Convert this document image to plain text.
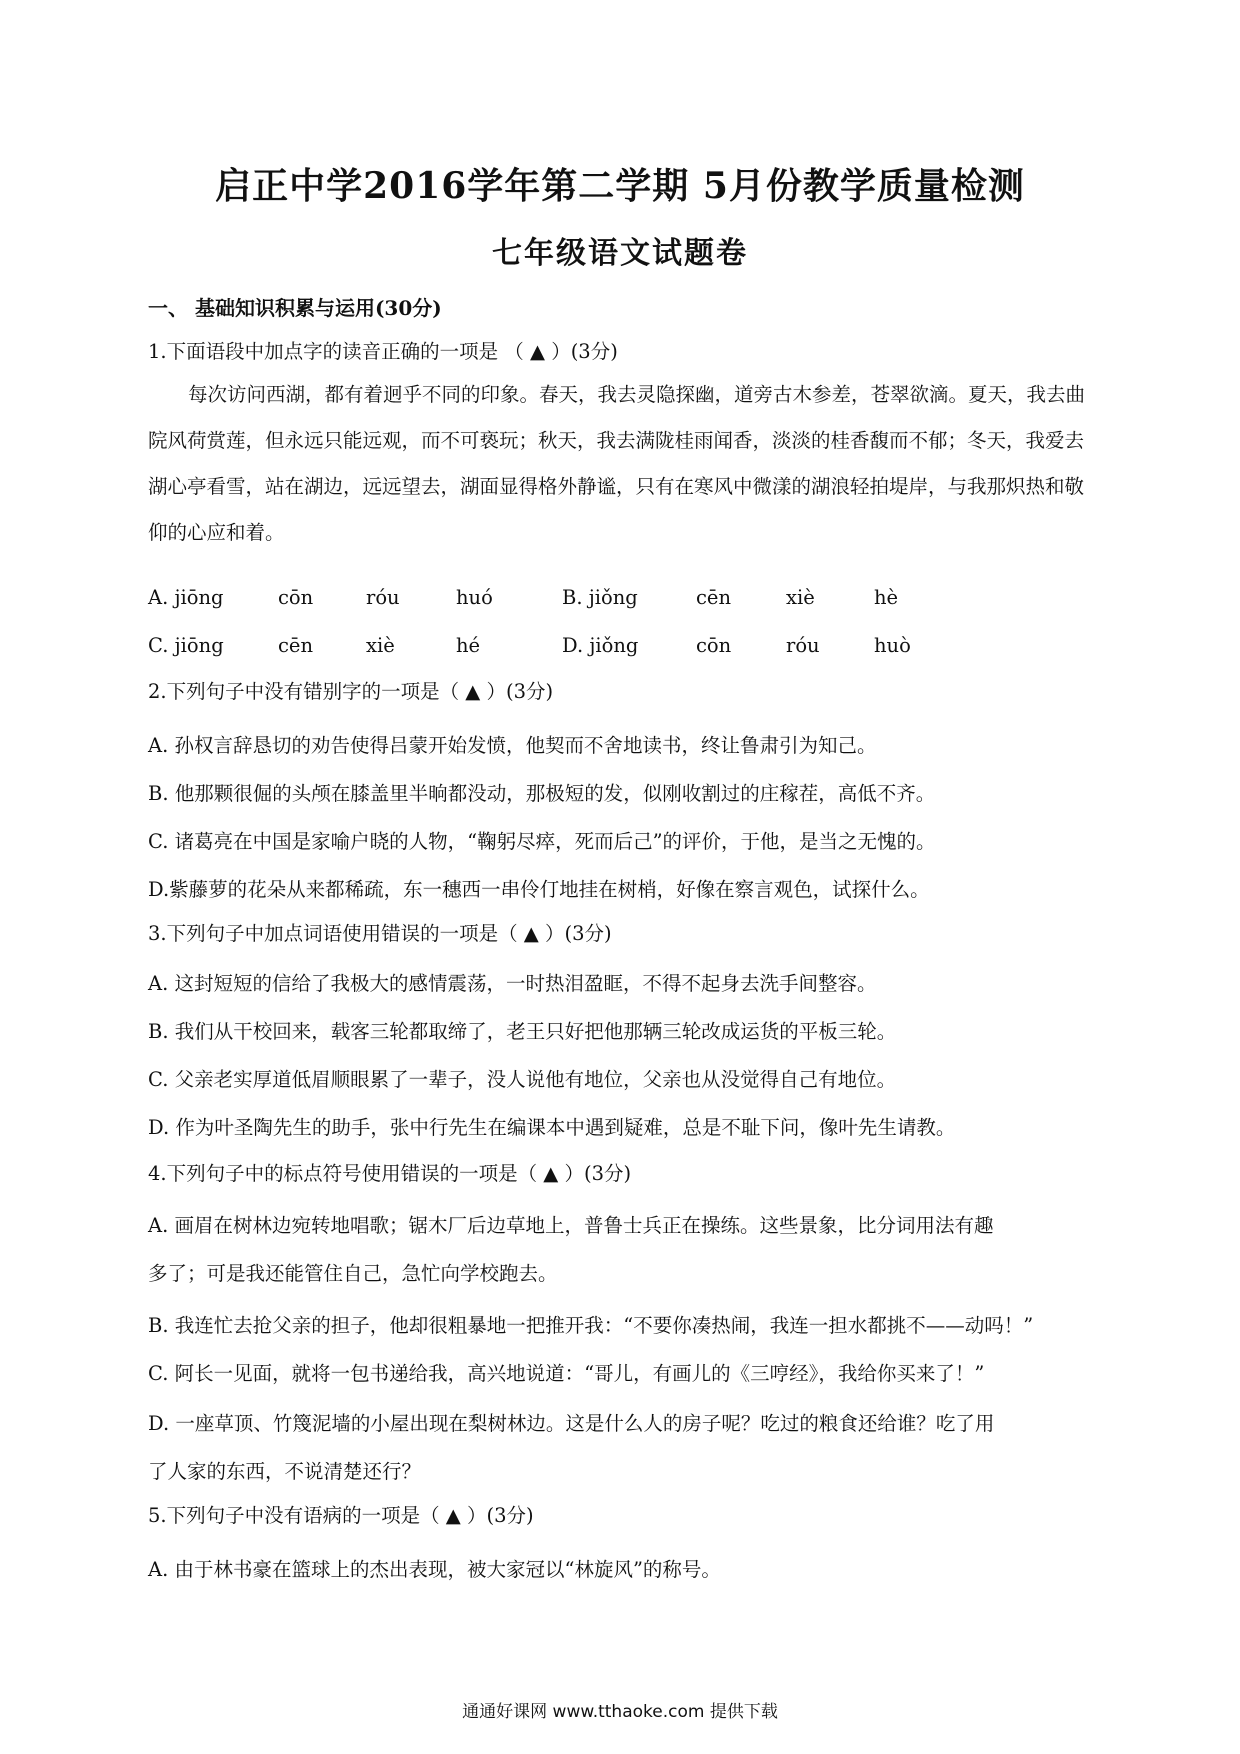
启正中学2016学年第二学期 5月份教学质量检测
七年级语文试题卷
一、 基础知识积累与运用(30分)
1.下面语段中加点字的读音正确的一项是 （ ▲ ）(3分)
每次访问西湖，都有着迥乎不同的印象。春天，我去灵隐探幽，道旁古木参差，苍翠欲滴。夏天，我去曲院风荷赏莲，但永远只能远观，而不可亵玩；秋天，我去满陇桂雨闻香，淡淡的桂香馥而不郁；冬天，我爱去湖心亭看雪，站在湖边，远远望去，湖面显得格外静谧，只有在寒风中微漾的湖浪轻拍堤岸，与我那炽热和敬仰的心应和着。
A. jiōng	cōn	róu	huó	B. jiǒng	cēn	xiè	hè
C. jiōng	cēn	xiè	hé	D. jiǒng	cōn	róu	huò
2.下列句子中没有错别字的一项是（ ▲ ）(3分)
A. 孙权言辞恳切的劝告使得吕蒙开始发愤，他契而不舍地读书，终让鲁肃引为知己。
B. 他那颗很倔的头颅在膝盖里半晌都没动，那极短的发，似刚收割过的庄稼茬，高低不齐。
C. 诸葛亮在中国是家喻户晓的人物，“鞠躬尽瘁，死而后己”的评价，于他，是当之无愧的。
D.紫藤萝的花朵从来都稀疏，东一穗西一串伶仃地挂在树梢，好像在察言观色，试探什么。
3.下列句子中加点词语使用错误的一项是（ ▲ ）(3分)
A. 这封短短的信给了我极大的感情震荡，一时热泪盈眶，不得不起身去洗手间整容。
B. 我们从干校回来，载客三轮都取缔了，老王只好把他那辆三轮改成运货的平板三轮。
C. 父亲老实厚道低眉顺眼累了一辈子，没人说他有地位，父亲也从没觉得自己有地位。
D. 作为叶圣陶先生的助手，张中行先生在编课本中遇到疑难，总是不耻下问，像叶先生请教。
4.下列句子中的标点符号使用错误的一项是（ ▲ ）(3分)
A. 画眉在树林边宛转地唱歌；锯木厂后边草地上，普鲁士兵正在操练。这些景象，比分词用法有趣
多了；可是我还能管住自己，急忙向学校跑去。
B. 我连忙去抢父亲的担子，他却很粗暴地一把推开我：“不要你凑热闹，我连一担水都挑不——动吗！”
C. 阿长一见面，就将一包书递给我，高兴地说道：“哥儿，有画儿的《三哼经》，我给你买来了！”
D. 一座草顶、竹篾泥墙的小屋出现在梨树林边。这是什么人的房子呢？吃过的粮食还给谁？吃了用
了人家的东西，不说清楚还行？
5.下列句子中没有语病的一项是（ ▲ ）(3分)
A. 由于林书豪在篮球上的杰出表现，被大家冠以“林旋风”的称号。
通通好课网 www.tthaoke.com 提供下载
